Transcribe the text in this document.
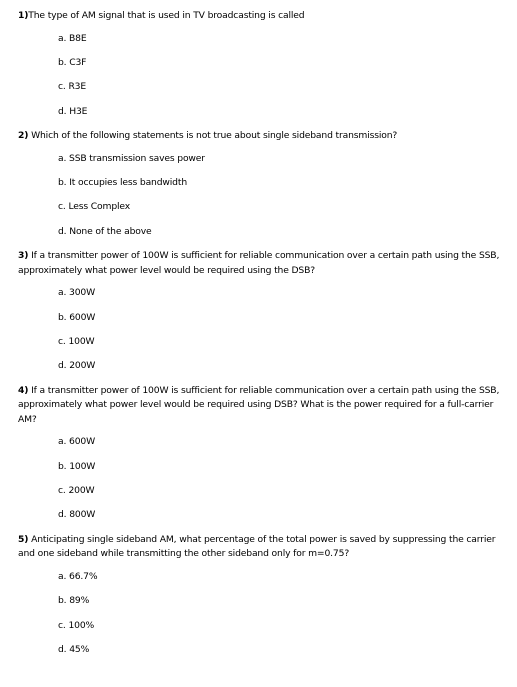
1)The type of AM signal that is used in TV broadcasting is called

a. B8E
b. C3F
c. R3E
d. H3E

2) Which of the following statements is not true about single sideband transmission?

a. SSB transmission saves power
b. It occupies less bandwidth
c. Less Complex
d. None of the above

3) If a transmitter power of 100W is sufficient for reliable communication over a certain path using the SSB, approximately what power level would be required using the DSB?

a. 300W
b. 600W
c. 100W
d. 200W

4) If a transmitter power of 100W is sufficient for reliable communication over a certain path using the SSB, approximately what power level would be required using DSB? What is the power required for a full-carrier AM?

a. 600W
b. 100W
c. 200W
d. 800W

5) Anticipating single sideband AM, what percentage of the total power is saved by suppressing the carrier and one sideband while transmitting the other sideband only for m=0.75?

a. 66.7%
b. 89%
c. 100%
d. 45%
